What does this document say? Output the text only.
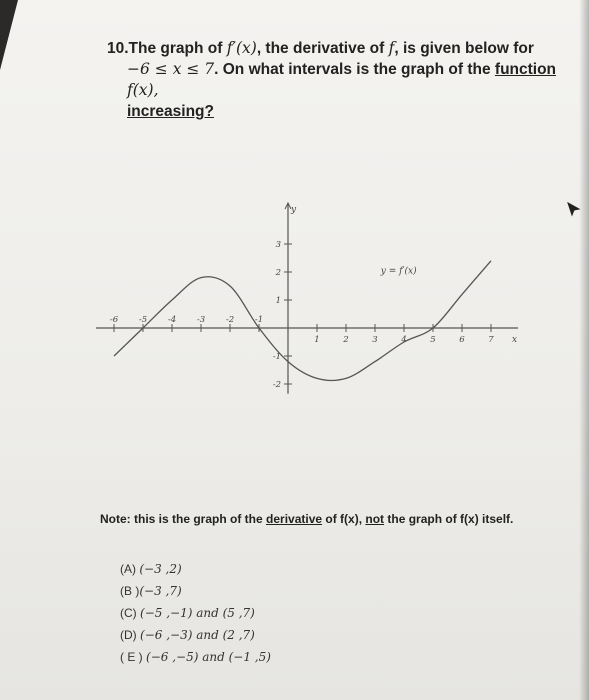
10.The graph of f′(x), the derivative of f, is given below for
−6 ≤ x ≤ 7. On what intervals is the graph of the function f(x),
increasing?
-6 -5 -4 -3 -2 -1
1	2	3	4	5	6	7
3
2
1
-1
-2
y
x
y = f′(x)
Note: this is the graph of the derivative of f(x), not the graph of f(x) itself.
(A) (−3 ,2)
(B )(−3 ,7)
(C) (−5 ,−1) and (5 ,7)
(D) (−6 ,−3) and (2 ,7)
( E ) (−6 ,−5) and (−1 ,5)
